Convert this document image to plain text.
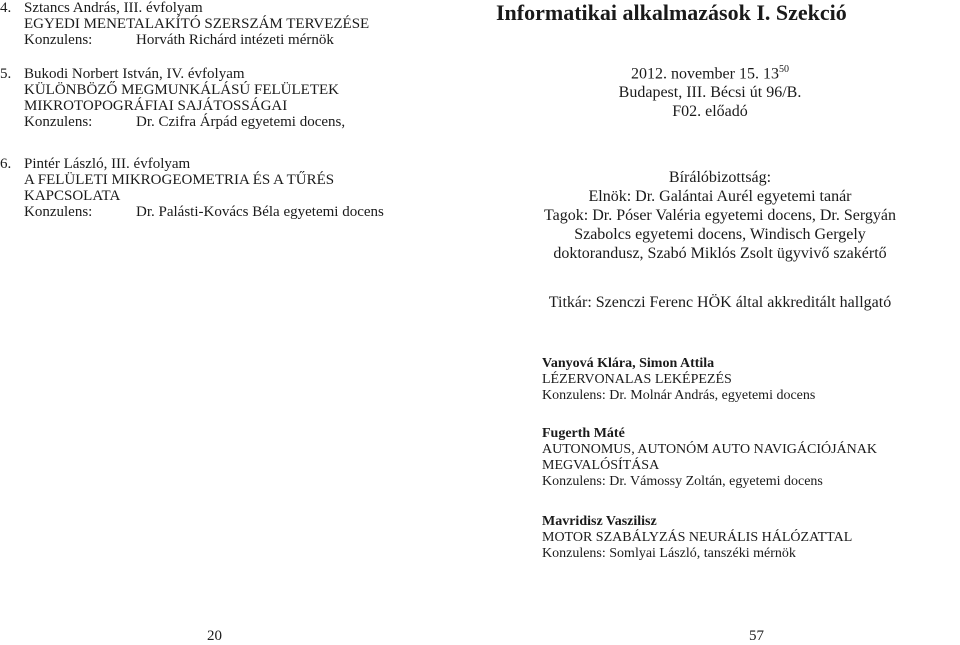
4. Sztancs András, III. évfolyam
EGYEDI MENETALAKÍTÓ SZERSZÁM TERVEZÉSE
Konzulens:	Horváth Richárd intézeti mérnök
5. Bukodi Norbert István, IV. évfolyam
KÜLÖNBÖZŐ MEGMUNKÁLÁSÚ FELÜLETEK
MIKROTOPOGRÁFIAI SAJÁTOSSÁGAI
Konzulens:	Dr. Czifra Árpád egyetemi docens,
6. Pintér László, III. évfolyam
A FELÜLETI MIKROGEOMETRIA ÉS A TŰRÉS
KAPCSOLATA
Konzulens:	Dr. Palásti-Kovács Béla egyetemi docens
20
Informatikai alkalmazások I. Szekció
2012. november 15. $13^{50}$
Budapest, III. Bécsi út 96/B.
F02. előadó
Bírálóbizottság:
Elnök: Dr. Galántai Aurél egyetemi tanár
Tagok: Dr. Póser Valéria egyetemi docens, Dr. Sergyán
Szabolcs egyetemi docens, Windisch Gergely
doktorandusz, Szabó Miklós Zsolt ügyvivő szakértő
Titkár: Szenczi Ferenc HÖK által akkreditált hallgató
Vanyová Klára, Simon Attila
LÉZERVONALAS LEKÉPEZÉS
Konzulens: Dr. Molnár András, egyetemi docens
Fugerth Máté
AUTONOMUS, AUTONÓM AUTO NAVIGÁCIÓJÁNAK
MEGVALÓSÍTÁSA
Konzulens: Dr. Vámossy Zoltán, egyetemi docens
Mavridisz Vaszilisz
MOTOR SZABÁLYZÁS NEURÁLIS HÁLÓZATTAL
Konzulens: Somlyai László, tanszéki mérnök
57
